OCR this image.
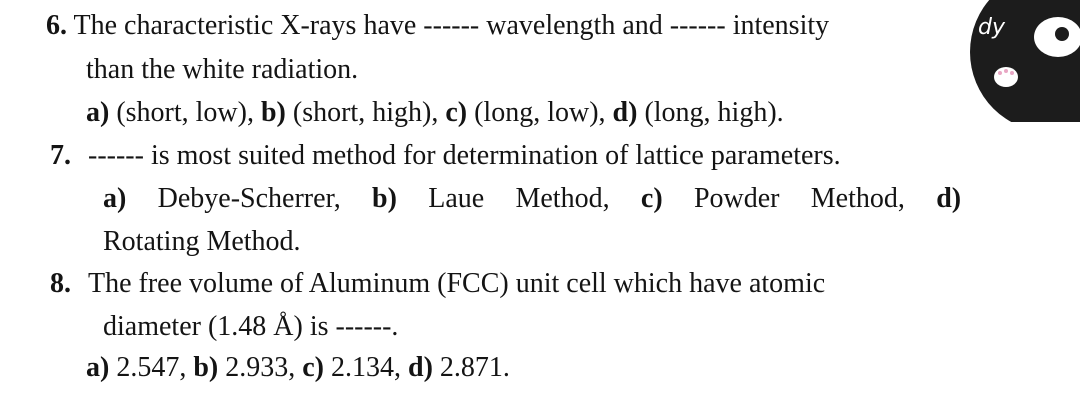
dy
6. The characteristic X-rays have ------ wavelength and ------ intensity
than the white radiation.
a) (short, low), b) (short, high), c) (long, low), d) (long, high).
7. ------ is most suited method for determination of lattice parameters.
a) Debye-Scherrer, b) Laue Method, c) Powder Method, d)
Rotating Method.
8. The free volume of Aluminum (FCC) unit cell which have atomic
diameter (1.48 Å) is ------.
a) 2.547, b) 2.933, c) 2.134, d) 2.871.
